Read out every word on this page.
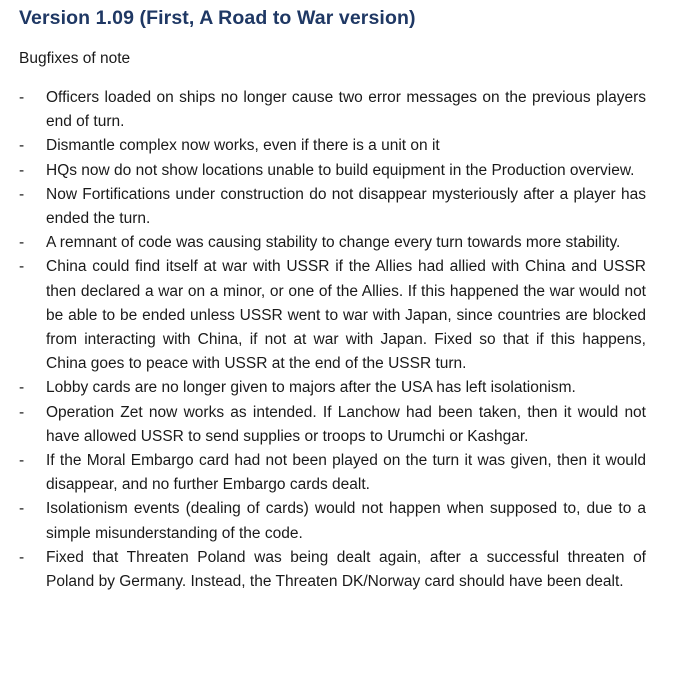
Version 1.09 (First, A Road to War version)

Bugfixes of note

-	Officers loaded on ships no longer cause two error messages on the previous players end of turn.
-	Dismantle complex now works, even if there is a unit on it
-	HQs now do not show locations unable to build equipment in the Production overview.
-	Now Fortifications under construction do not disappear mysteriously after a player has ended the turn.
-	A remnant of code was causing stability to change every turn towards more stability.
-	China could find itself at war with USSR if the Allies had allied with China and USSR then declared a war on a minor, or one of the Allies. If this happened the war would not be able to be ended unless USSR went to war with Japan, since countries are blocked from interacting with China, if not at war with Japan. Fixed so that if this happens, China goes to peace with USSR at the end of the USSR turn.
-	Lobby cards are no longer given to majors after the USA has left isolationism.
-	Operation Zet now works as intended. If Lanchow had been taken, then it would not have allowed USSR to send supplies or troops to Urumchi or Kashgar.
-	If the Moral Embargo card had not been played on the turn it was given, then it would disappear, and no further Embargo cards dealt.
-	Isolationism events (dealing of cards) would not happen when supposed to, due to a simple misunderstanding of the code.
-	Fixed that Threaten Poland was being dealt again, after a successful threaten of Poland by Germany. Instead, the Threaten DK/Norway card should have been dealt.
